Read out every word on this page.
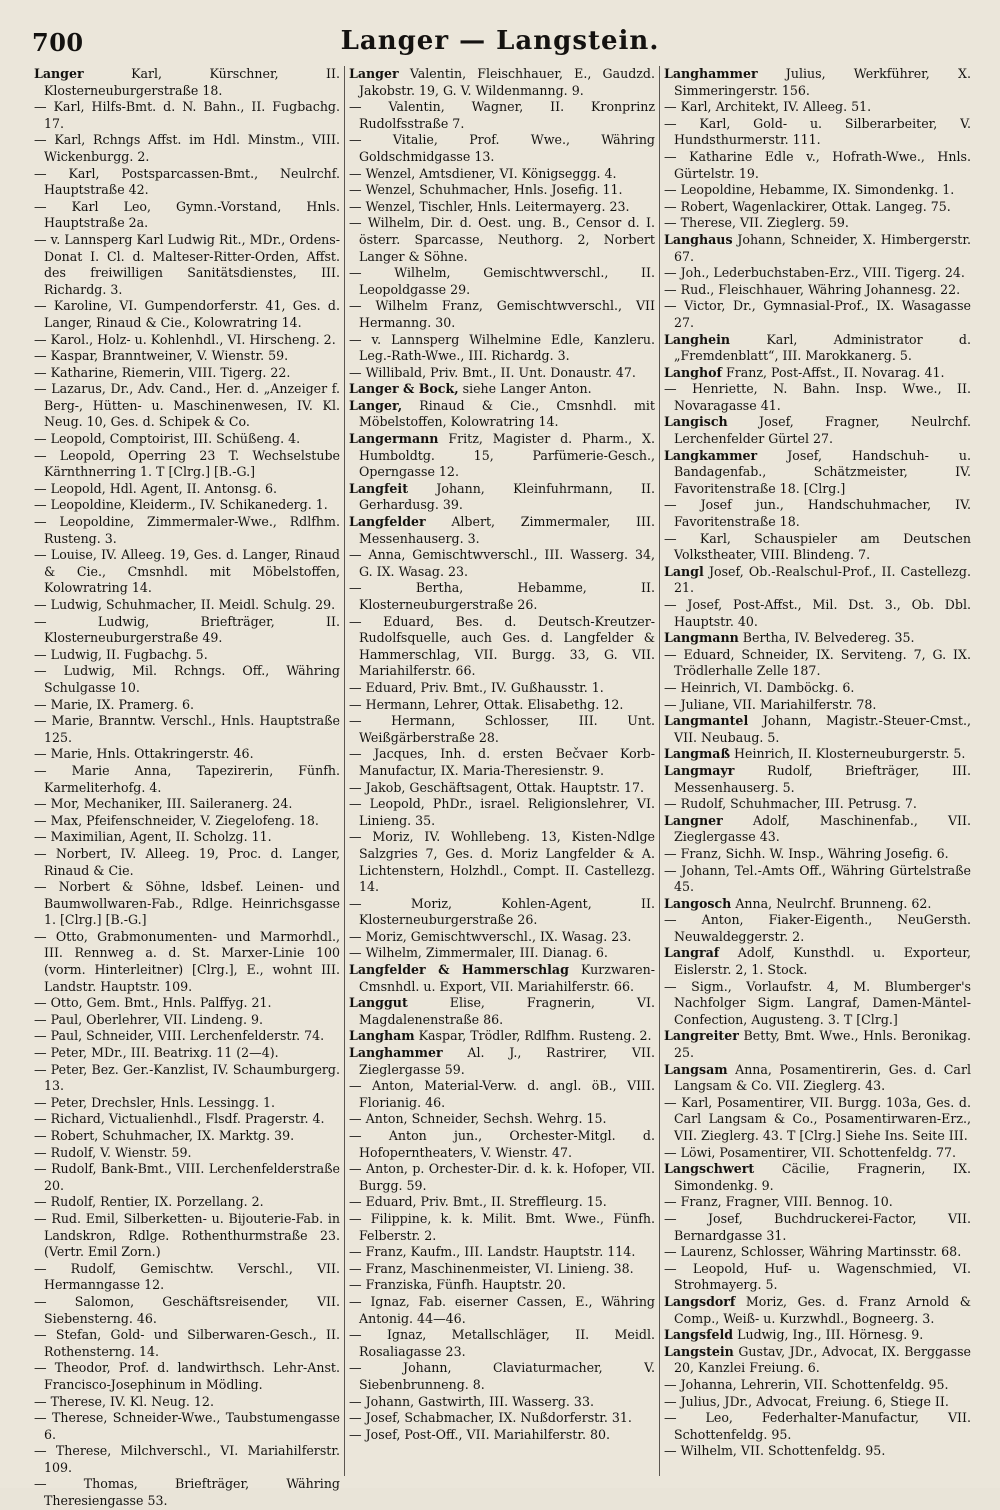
700	Langer — Langstein.
Langer	Karl, Kürschner, II. Klosterneuburgerstraße 18.
— Karl, Hilfs-Bmt. d. N. Bahn., II. Fugbachg. 17.
— Karl, Rchngs Affst. im Hdl. Minstm., VIII. Wickenburgg. 2.
— Karl, Postsparcassen-Bmt., Neulrchf. Hauptstraße 42.
— Karl Leo, Gymn.-Vorstand, Hnls. Hauptstraße 2a.
— v. Lannsperg Karl Ludwig Rit., MDr., Ordens-Donat I. Cl. d. Malteser-Ritter-Orden, Affst. des freiwilligen Sanitätsdienstes, III. Richardg. 3.
— Karoline, VI. Gumpendorferstr. 41, Ges. d. Langer, Rinaud & Cie., Kolowratring 14.
— Karol., Holz- u. Kohlenhdl., VI. Hirscheng. 2.
— Kaspar, Branntweiner, V. Wienstr. 59.
— Katharine, Riemerin, VIII. Tigerg. 22.
— Lazarus, Dr., Adv. Cand., Her. d. „Anzeiger f. Berg-, Hütten- u. Maschinenwesen, IV. Kl. Neug. 10, Ges. d. Schipek & Co.
— Leopold, Comptoirist, III. Schüßeng. 4.
— Leopold, Operring 23 T. Wechselstube Kärnthnerring 1. T [Clrg.] [B.-G.]
— Leopold, Hdl. Agent, II. Antonsg. 6.
— Leopoldine, Kleiderm., IV. Schikanederg. 1.
— Leopoldine, Zimmermaler-Wwe., Rdlfhm. Rusteng. 3.
— Louise, IV. Alleeg. 19, Ges. d. Langer, Rinaud & Cie., Cmsnhdl. mit Möbelstoffen, Kolowratring 14.
— Ludwig, Schuhmacher, II. Meidl. Schulg. 29.
— Ludwig, Briefträger, II. Klosterneuburgerstraße 49.
— Ludwig, II. Fugbachg. 5.
— Ludwig, Mil. Rchngs. Off., Währing Schulgasse 10.
— Marie, IX. Pramerg. 6.
— Marie, Branntw. Verschl., Hnls. Hauptstraße 125.
— Marie, Hnls. Ottakringerstr. 46.
— Marie Anna, Tapezirerin, Fünfh. Karmeliterhofg. 4.
— Mor, Mechaniker, III. Saileranerg. 24.
— Max, Pfeifenschneider, V. Ziegelofeng. 18.
— Maximilian, Agent, II. Scholzg. 11.
— Norbert, IV. Alleeg. 19, Proc. d. Langer, Rinaud & Cie.
— Norbert & Söhne, ldsbef. Leinen- und Baumwollwaren-Fab., Rdlge. Heinrichsgasse 1. [Clrg.] [B.-G.]
— Otto, Grabmonumenten- und Marmorhdl., III. Rennweg a. d. St. Marxer-Linie 100 (vorm. Hinterleitner) [Clrg.], E., wohnt III. Landstr. Hauptstr. 109.
— Otto, Gem. Bmt., Hnls. Palffyg. 21.
— Paul, Oberlehrer, VII. Lindeng. 9.
— Paul, Schneider, VIII. Lerchenfelderstr. 74.
— Peter, MDr., III. Beatrixg. 11 (2—4).
— Peter, Bez. Ger.-Kanzlist, IV. Schaumburgerg. 13.
— Peter, Drechsler, Hnls. Lessingg. 1.
— Richard, Victualienhdl., Flsdf. Pragerstr. 4.
— Robert, Schuhmacher, IX. Marktg. 39.
— Rudolf, V. Wienstr. 59.
— Rudolf, Bank-Bmt., VIII. Lerchenfelderstraße 20.
— Rudolf, Rentier, IX. Porzellang. 2.
— Rud. Emil, Silberketten- u. Bijouterie-Fab. in Landskron, Rdlge. Rothenthurmstraße 23. (Vertr. Emil Zorn.)
— Rudolf, Gemischtw. Verschl., VII. Hermanngasse 12.
— Salomon, Geschäftsreisender, VII. Siebensterng. 46.
— Stefan, Gold- und Silberwaren-Gesch., II. Rothensterng. 14.
— Theodor, Prof. d. landwirthsch. Lehr-Anst. Francisco-Josephinum in Mödling.
— Therese, IV. Kl. Neug. 12.
— Therese, Schneider-Wwe., Taubstumengasse 6.
— Therese, Milchverschl., VI. Mariahilferstr. 109.
— Thomas, Briefträger, Währing Theresiengasse 53.
Langer Valentin, Fleischhauer, E., Gaudzd. Jakobstr. 19, G. V. Wildenmanng. 9.
— Valentin, Wagner, II. Kronprinz Rudolfsstraße 7.
— Vitalie, Prof. Wwe., Währing Goldschmidgasse 13.
— Wenzel, Amtsdiener, VI. Königseggg. 4.
— Wenzel, Schuhmacher, Hnls. Josefig. 11.
— Wenzel, Tischler, Hnls. Leitermayerg. 23.
— Wilhelm, Dir. d. Oest. ung. B., Censor d. I. österr. Sparcasse, Neuthorg. 2, Norbert Langer & Söhne.
— Wilhelm, Gemischtwverschl., II. Leopoldgasse 29.
— Wilhelm Franz, Gemischtwverschl., VII Hermanng. 30.
— v. Lannsperg Wilhelmine Edle, Kanzleru. Leg.-Rath-Wwe., III. Richardg. 3.
— Willibald, Priv. Bmt., II. Unt. Donaustr. 47.
Langer & Bock, siehe Langer Anton.
Langer, Rinaud & Cie., Cmsnhdl. mit Möbelstoffen, Kolowratring 14.
Langermann Fritz, Magister d. Pharm., X. Humboldtg. 15, Parfümerie-Gesch., Operngasse 12.
Langfeit Johann, Kleinfuhrmann, II. Gerhardusg. 39.
Langfelder Albert, Zimmermaler, III. Messenhauserg. 3.
— Anna, Gemischtwverschl., III. Wasserg. 34, G. IX. Wasag. 23.
— Bertha, Hebamme, II. Klosterneuburgerstraße 26.
— Eduard, Bes. d. Deutsch-Kreutzer-Rudolfsquelle, auch Ges. d. Langfelder & Hammerschlag, VII. Burgg. 33, G. VII. Mariahilferstr. 66.
— Eduard, Priv. Bmt., IV. Gußhausstr. 1.
— Hermann, Lehrer, Ottak. Elisabethg. 12.
— Hermann, Schlosser, III. Unt. Weißgärberstraße 28.
— Jacques, Inh. d. ersten Bečvaer Korb-Manufactur, IX. Maria-Theresienstr. 9.
— Jakob, Geschäftsagent, Ottak. Hauptstr. 17.
— Leopold, PhDr., israel. Religionslehrer, VI. Linieng. 35.
— Moriz, IV. Wohllebeng. 13, Kisten-Ndlge Salzgries 7, Ges. d. Moriz Langfelder & A. Lichtenstern, Holzhdl., Compt. II. Castellezg. 14.
— Moriz, Kohlen-Agent, II. Klosterneuburgerstraße 26.
— Moriz, Gemischtwverschl., IX. Wasag. 23.
— Wilhelm, Zimmermaler, III. Dianag. 6.
Langfelder & Hammerschlag Kurzwaren-Cmsnhdl. u. Export, VII. Mariahilferstr. 66.
Langgut	Elise, Fragnerin, VI. Magdalenenstraße 86.
Langham Kaspar, Trödler, Rdlfhm. Rusteng. 2.
Langhammer Al. J., Rastrirer, VII. Zieglergasse 59.
— Anton, Material-Verw. d. angl. öB., VIII. Florianig. 46.
— Anton, Schneider, Sechsh. Wehrg. 15.
— Anton jun., Orchester-Mitgl. d. Hofoperntheaters, V. Wienstr. 47.
— Anton, p. Orchester-Dir. d. k. k. Hofoper, VII. Burgg. 59.
— Eduard, Priv. Bmt., II. Streffleurg. 15.
— Filippine, k. k. Milit. Bmt. Wwe., Fünfh. Felberstr. 2.
— Franz, Kaufm., III. Landstr. Hauptstr. 114.
— Franz, Maschinenmeister, VI. Linieng. 38.
— Franziska, Fünfh. Hauptstr. 20.
— Ignaz, Fab. eiserner Cassen, E., Währing Antonig. 44—46.
— Ignaz, Metallschläger, II. Meidl. Rosaliagasse 23.
— Johann, Claviaturmacher, V. Siebenbrunneng. 8.
— Johann, Gastwirth, III. Wasserg. 33.
— Josef, Schabmacher, IX. Nußdorferstr. 31.
— Josef, Post-Off., VII. Mariahilferstr. 80.
Langhammer Julius, Werkführer, X. Simmeringerstr. 156.
— Karl, Architekt, IV. Alleeg. 51.
— Karl, Gold- u. Silberarbeiter, V. Hundsthurmerstr. 111.
— Katharine Edle v., Hofrath-Wwe., Hnls. Gürtelstr. 19.
— Leopoldine, Hebamme, IX. Simondenkg. 1.
— Robert, Wagenlackirer, Ottak. Langeg. 75.
— Therese, VII. Zieglerg. 59.
Langhaus Johann, Schneider, X. Himbergerstr. 67.
— Joh., Lederbuchstaben-Erz., VIII. Tigerg. 24.
— Rud., Fleischhauer, Währing Johannesg. 22.
— Victor, Dr., Gymnasial-Prof., IX. Wasagasse 27.
Langhein	Karl, Administrator d. „Fremdenblatt“, III. Marokkanerg. 5.
Langhof Franz, Post-Affst., II. Novarag. 41.
— Henriette, N. Bahn. Insp. Wwe., II. Novaragasse 41.
Langisch Josef, Fragner, Neulrchf. Lerchenfelder Gürtel 27.
Langkammer Josef, Handschuh- u. Bandagenfab., Schätzmeister, IV. Favoritenstraße 18. [Clrg.]
— Josef jun., Handschuhmacher, IV. Favoritenstraße 18.
— Karl, Schauspieler am Deutschen Volkstheater, VIII. Blindeng. 7.
Langl Josef, Ob.-Realschul-Prof., II. Castellezg. 21.
— Josef, Post-Affst., Mil. Dst. 3., Ob. Dbl. Hauptstr. 40.
Langmann Bertha, IV. Belvedereg. 35.
— Eduard, Schneider, IX. Serviteng. 7, G. IX. Trödlerhalle Zelle 187.
— Heinrich, VI. Damböckg. 6.
— Juliane, VII. Mariahilferstr. 78.
Langmantel Johann, Magistr.-Steuer-Cmst., VII. Neubaug. 5.
Langmaß Heinrich, II. Klosterneuburgerstr. 5.
Langmayr	Rudolf, Briefträger, III. Messenhauserg. 5.
— Rudolf, Schuhmacher, III. Petrusg. 7.
Langner Adolf, Maschinenfab., VII. Zieglergasse 43.
— Franz, Sichh. W. Insp., Währing Josefig. 6.
— Johann, Tel.-Amts Off., Währing Gürtelstraße 45.
Langosch Anna, Neulrchf. Brunneng. 62.
— Anton, Fiaker-Eigenth., NeuGersth. Neuwaldeggerstr. 2.
Langraf Adolf, Kunsthdl. u. Exporteur, Eislerstr. 2, 1. Stock.
— Sigm., Vorlaufstr. 4, M. Blumberger's Nachfolger Sigm. Langraf, Damen-Mäntel-Confection, Augusteng. 3. T [Clrg.]
Langreiter Betty, Bmt. Wwe., Hnls. Beronikag. 25.
Langsam Anna, Posamentirerin, Ges. d. Carl Langsam & Co. VII. Zieglerg. 43.
— Karl, Posamentirer, VII. Burgg. 103a, Ges. d. Carl Langsam & Co., Posamentirwaren-Erz., VII. Zieglerg. 43. T [Clrg.] Siehe Ins. Seite III.
— Löwi, Posamentirer, VII. Schottenfeldg. 77.
Langschwert Cäcilie, Fragnerin, IX. Simondenkg. 9.
— Franz, Fragner, VIII. Bennog. 10.
— Josef, Buchdruckerei-Factor, VII. Bernardgasse 31.
— Laurenz, Schlosser, Währing Martinsstr. 68.
— Leopold, Huf- u. Wagenschmied, VI. Strohmayerg. 5.
Langsdorf Moriz, Ges. d. Franz Arnold & Comp., Weiß- u. Kurzwhdl., Bogneerg. 3.
Langsfeld Ludwig, Ing., III. Hörnesg. 9.
Langstein Gustav, JDr., Advocat, IX. Berggasse 20, Kanzlei Freiung. 6.
— Johanna, Lehrerin, VII. Schottenfeldg. 95.
— Julius, JDr., Advocat, Freiung. 6, Stiege II.
— Leo, Federhalter-Manufactur, VII. Schottenfeldg. 95.
— Wilhelm, VII. Schottenfeldg. 95.
